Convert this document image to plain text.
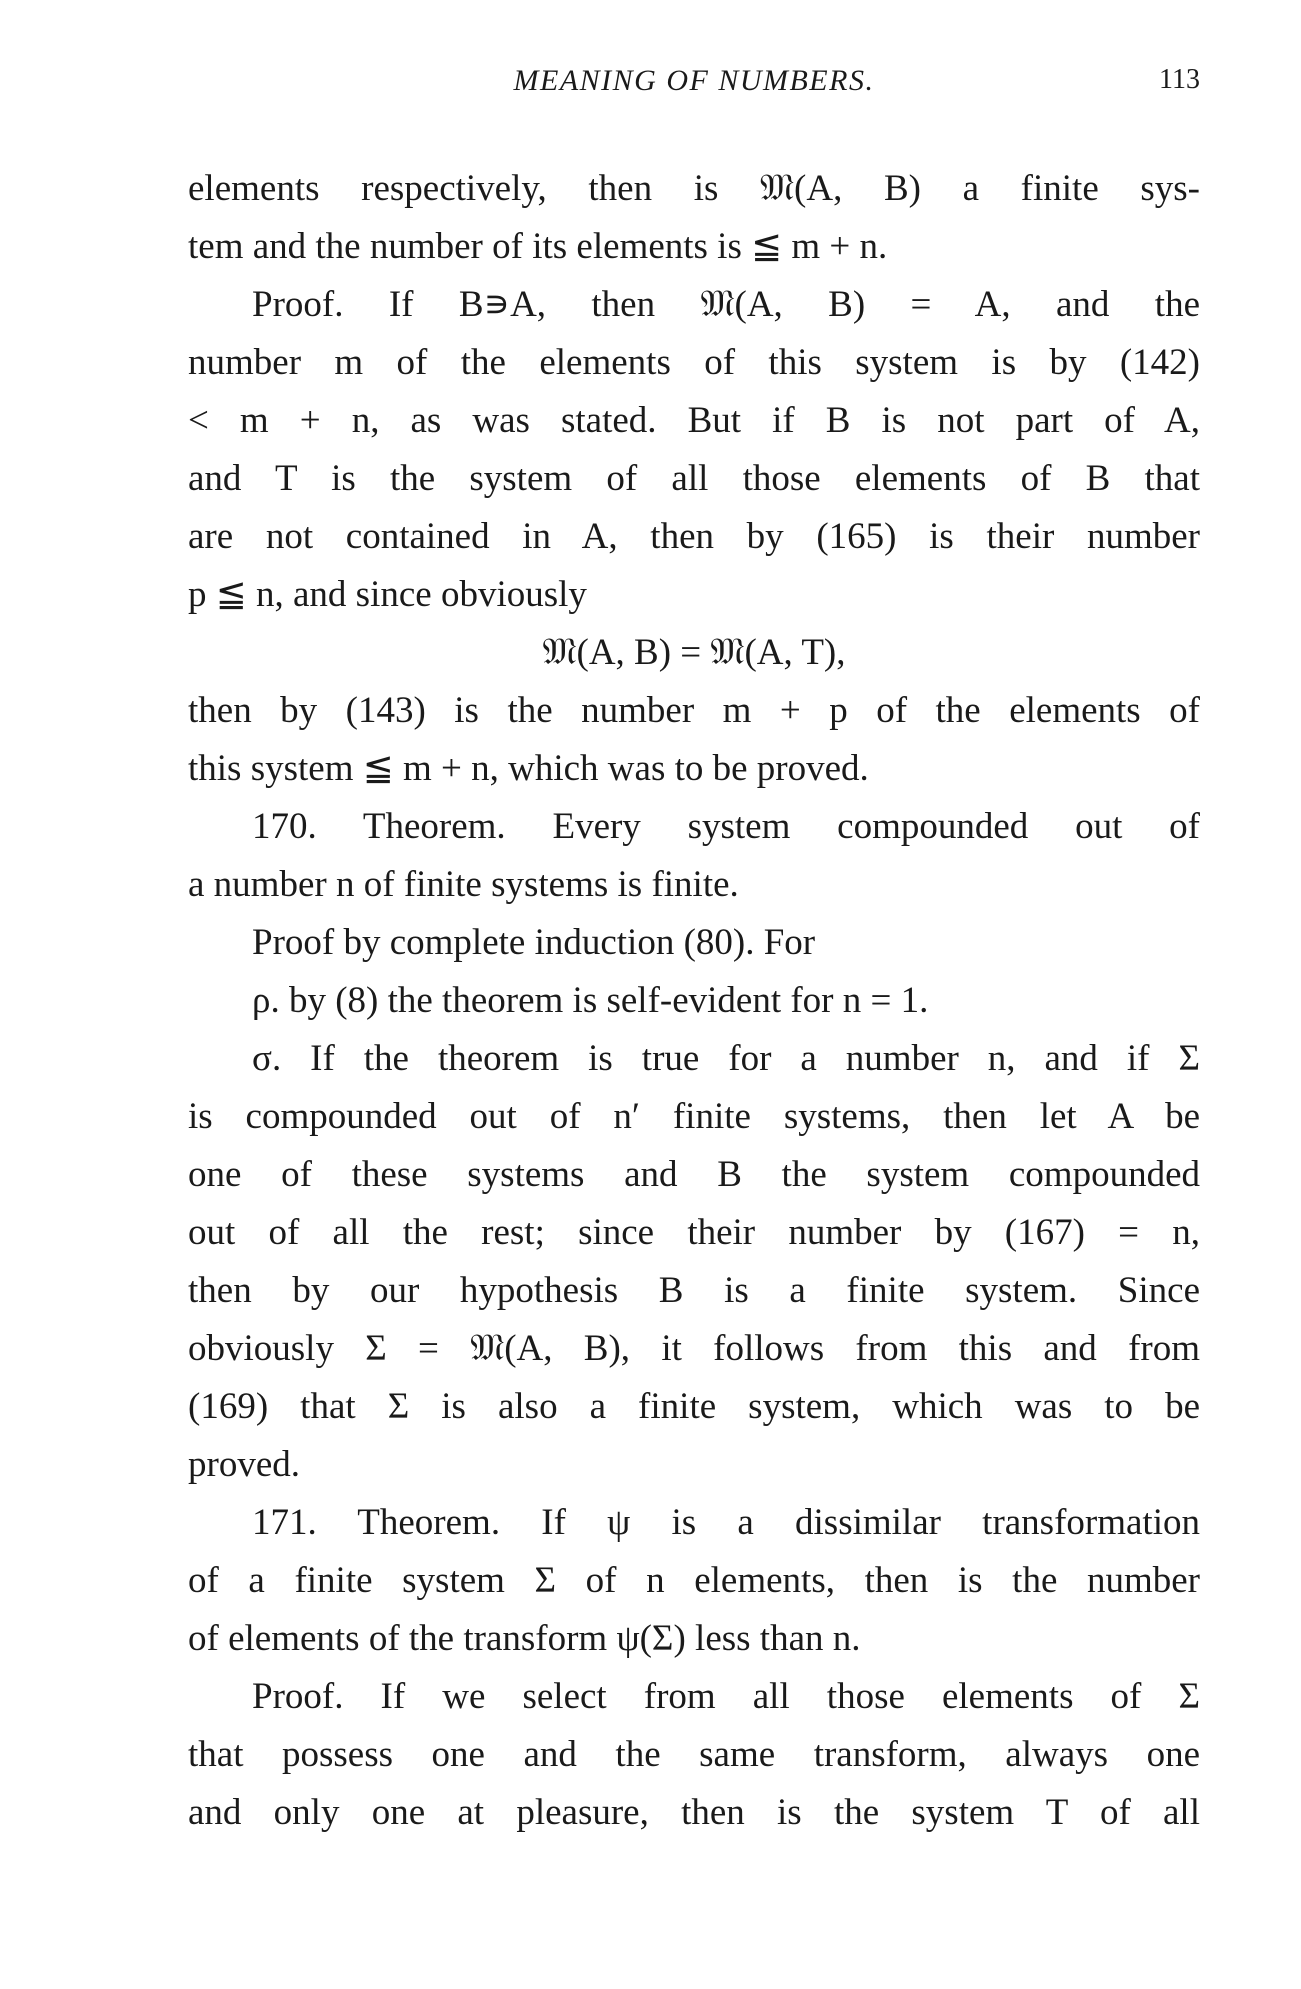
MEANING OF NUMBERS.	113
elements respectively, then is 𝔐(A, B) a finite sys-
tem and the number of its elements is ≦ m + n.
Proof. If B∍A, then 𝔐(A, B) = A, and the
number m of the elements of this system is by (142)
< m + n, as was stated. But if B is not part of A,
and T is the system of all those elements of B that
are not contained in A, then by (165) is their number
p ≦ n, and since obviously
𝔐(A, B) = 𝔐(A, T),
then by (143) is the number m + p of the elements of
this system ≦ m + n, which was to be proved.
170. Theorem. Every system compounded out of
a number n of finite systems is finite.
Proof by complete induction (80). For
ρ. by (8) the theorem is self-evident for n = 1.
σ. If the theorem is true for a number n, and if Σ
is compounded out of n′ finite systems, then let A be
one of these systems and B the system compounded
out of all the rest; since their number by (167) = n,
then by our hypothesis B is a finite system. Since
obviously Σ = 𝔐(A, B), it follows from this and from
(169) that Σ is also a finite system, which was to be
proved.
171. Theorem. If ψ is a dissimilar transformation
of a finite system Σ of n elements, then is the number
of elements of the transform ψ(Σ) less than n.
Proof. If we select from all those elements of Σ
that possess one and the same transform, always one
and only one at pleasure, then is the system T of all
